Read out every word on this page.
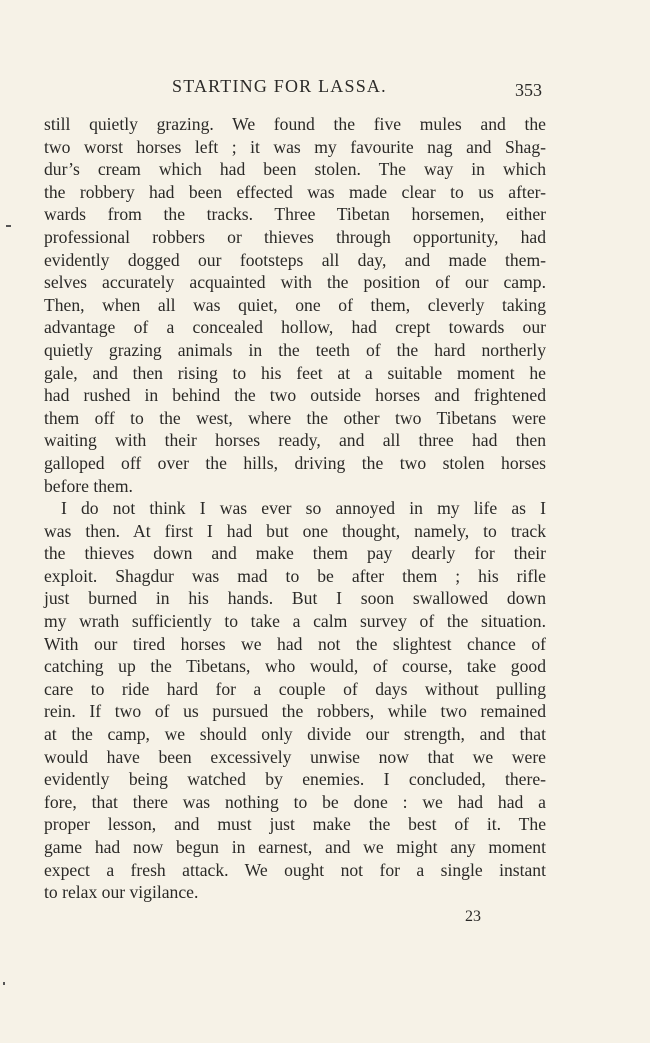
STARTING FOR LASSA.	353
still quietly grazing. We found the five mules and the
two worst horses left ; it was my favourite nag and Shag-
dur’s cream which had been stolen. The way in which
the robbery had been effected was made clear to us after-
wards from the tracks. Three Tibetan horsemen, either
professional robbers or thieves through opportunity, had
evidently dogged our footsteps all day, and made them-
selves accurately acquainted with the position of our camp.
Then, when all was quiet, one of them, cleverly taking
advantage of a concealed hollow, had crept towards our
quietly grazing animals in the teeth of the hard northerly
gale, and then rising to his feet at a suitable moment he
had rushed in behind the two outside horses and frightened
them off to the west, where the other two Tibetans were
waiting with their horses ready, and all three had then
galloped off over the hills, driving the two stolen horses
before them.
I do not think I was ever so annoyed in my life as I
was then. At first I had but one thought, namely, to track
the thieves down and make them pay dearly for their
exploit. Shagdur was mad to be after them ; his rifle
just burned in his hands. But I soon swallowed down
my wrath sufficiently to take a calm survey of the situation.
With our tired horses we had not the slightest chance of
catching up the Tibetans, who would, of course, take good
care to ride hard for a couple of days without pulling
rein. If two of us pursued the robbers, while two remained
at the camp, we should only divide our strength, and that
would have been excessively unwise now that we were
evidently being watched by enemies. I concluded, there-
fore, that there was nothing to be done : we had had a
proper lesson, and must just make the best of it. The
game had now begun in earnest, and we might any moment
expect a fresh attack. We ought not for a single instant
to relax our vigilance.
23
